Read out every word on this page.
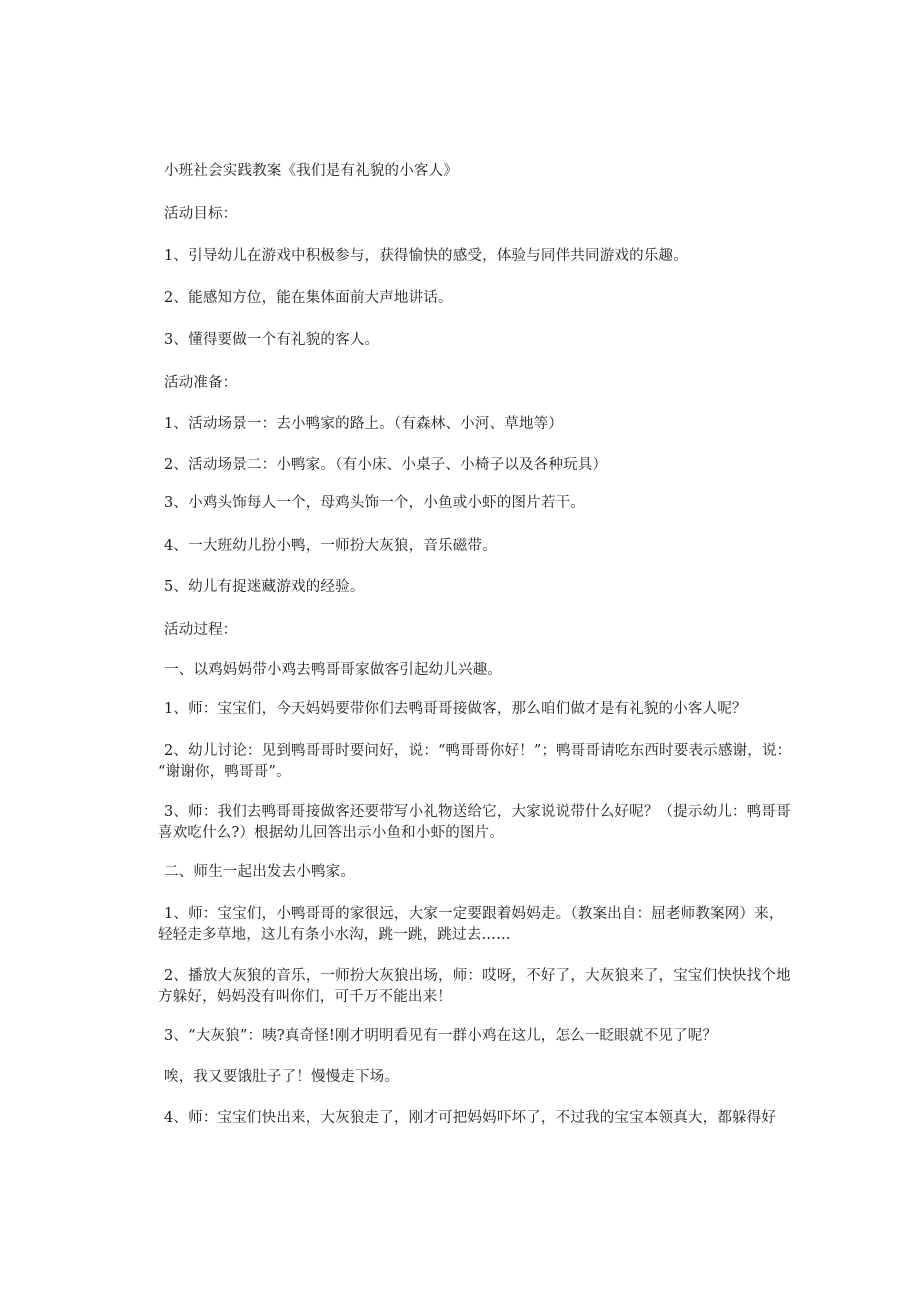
小班社会实践教案《我们是有礼貌的小客人》
活动目标：
1、引导幼儿在游戏中积极参与，获得愉快的感受，体验与同伴共同游戏的乐趣。
2、能感知方位，能在集体面前大声地讲话。
3、懂得要做一个有礼貌的客人。
活动准备：
1、活动场景一：去小鸭家的路上。（有森林、小河、草地等）
2、活动场景二：小鸭家。（有小床、小桌子、小椅子以及各种玩具）
3、小鸡头饰每人一个，母鸡头饰一个，小鱼或小虾的图片若干。
4、一大班幼儿扮小鸭，一师扮大灰狼，音乐磁带。
5、幼儿有捉迷藏游戏的经验。
活动过程：
一、以鸡妈妈带小鸡去鸭哥哥家做客引起幼儿兴趣。
1、师：宝宝们，今天妈妈要带你们去鸭哥哥接做客，那么咱们做才是有礼貌的小客人呢？
2、幼儿讨论：见到鸭哥哥时要问好，说：“鸭哥哥你好！”；鸭哥哥请吃东西时要表示感谢，说：
“谢谢你，鸭哥哥”。
3、师：我们去鸭哥哥接做客还要带写小礼物送给它，大家说说带什么好呢？（提示幼儿：鸭哥哥
喜欢吃什么?）根据幼儿回答出示小鱼和小虾的图片。
二、师生一起出发去小鸭家。
1、师：宝宝们，小鸭哥哥的家很远，大家一定要跟着妈妈走。（教案出自：屈老师教案网）来，
轻轻走多草地，这儿有条小水沟，跳一跳，跳过去……
2、播放大灰狼的音乐，一师扮大灰狼出场，师：哎呀，不好了，大灰狼来了，宝宝们快快找个地
方躲好，妈妈没有叫你们，可千万不能出来！
3、“大灰狼”：咦?真奇怪!刚才明明看见有一群小鸡在这儿，怎么一眨眼就不见了呢？
唉，我又要饿肚子了！慢慢走下场。
4、师：宝宝们快出来，大灰狼走了，刚才可把妈妈吓坏了，不过我的宝宝本领真大，都躲得好
